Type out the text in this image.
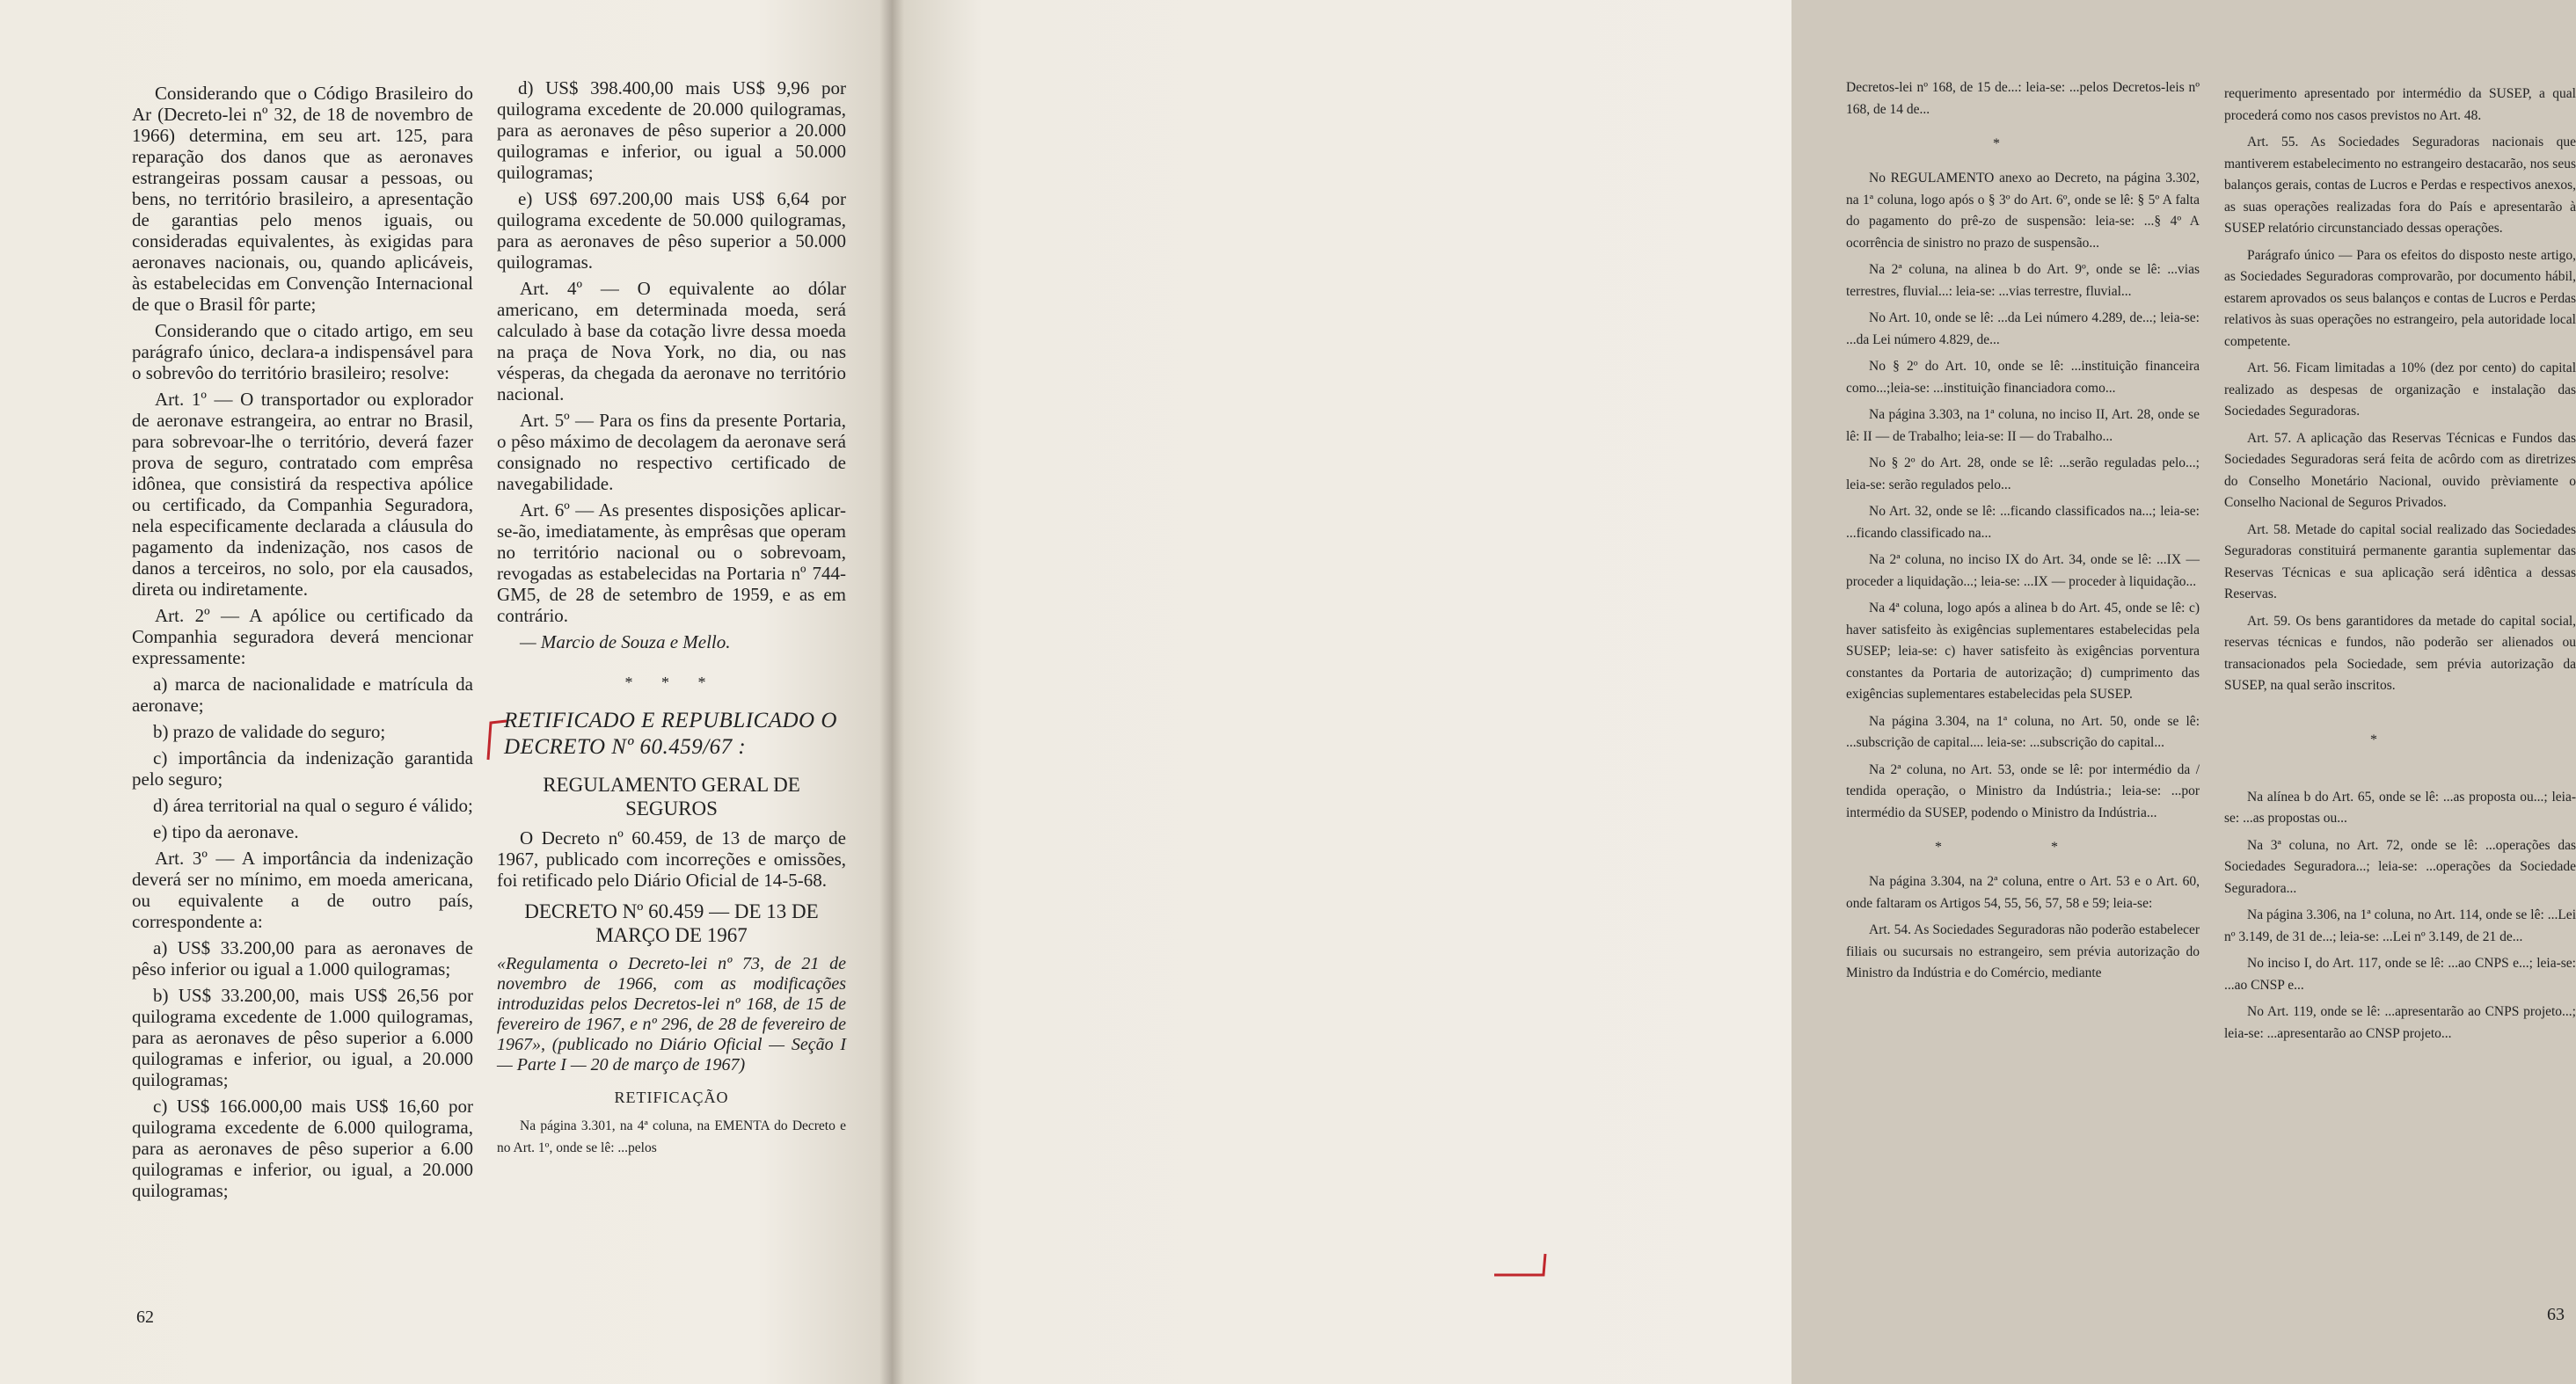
Considerando que o Código Brasileiro do Ar (Decreto-lei nº 32, de 18 de novembro de 1966) determina, em seu art. 125, para reparação dos danos que as aeronaves estrangeiras possam causar a pessoas, ou bens, no território brasileiro, a apresentação de garantias pelo menos iguais, ou consideradas equivalentes, às exigidas para aeronaves nacionais, ou, quando aplicáveis, às estabelecidas em Convenção Internacional de que o Brasil fôr parte;

Considerando que o citado artigo, em seu parágrafo único, declara-a indispensável para o sobrevôo do território brasileiro; resolve:

Art. 1º — O transportador ou explorador de aeronave estrangeira, ao entrar no Brasil, para sobrevoar-lhe o território, deverá fazer prova de seguro, contratado com emprêsa idônea, que consistirá da respectiva apólice ou certificado, da Companhia Seguradora, nela especificamente declarada a cláusula do pagamento da indenização, nos casos de danos a terceiros, no solo, por ela causados, direta ou indiretamente.

Art. 2º — A apólice ou certificado da Companhia seguradora deverá mencionar expressamente:

a) marca de nacionalidade e matrícula da aeronave;

b) prazo de validade do seguro;

c) importância da indenização garantida pelo seguro;

d) área territorial na qual o seguro é válido;

e) tipo da aeronave.

Art. 3º — A importância da indenização deverá ser no mínimo, em moeda americana, ou equivalente a de outro país, correspondente a:

a) US$ 33.200,00 para as aeronaves de pêso inferior ou igual a 1.000 quilogramas;

b) US$ 33.200,00, mais US$ 26,56 por quilograma excedente de 1.000 quilogramas, para as aeronaves de pêso superior a 6.000 quilogramas e inferior, ou igual, a 20.000 quilogramas;

c) US$ 166.000,00 mais US$ 16,60 por quilograma excedente de 6.000 quilograma, para as aeronaves de pêso superior a 6.00 quilogramas e inferior, ou igual, a 20.000 quilogramas;

d) US$ 398.400,00 mais US$ 9,96 por quilograma excedente de 20.000 quilogramas, para as aeronaves de pêso superior a 20.000 quilogramas e inferior, ou igual a 50.000 quilogramas;

e) US$ 697.200,00 mais US$ 6,64 por quilograma excedente de 50.000 quilogramas, para as aeronaves de pêso superior a 50.000 quilogramas.

Art. 4º — O equivalente ao dólar americano, em determinada moeda, será calculado à base da cotação livre dessa moeda na praça de Nova York, no dia, ou nas vésperas, da chegada da aeronave no território nacional.

Art. 5º — Para os fins da presente Portaria, o pêso máximo de decolagem da aeronave será consignado no respectivo certificado de navegabilidade.

Art. 6º — As presentes disposições aplicar-se-ão, imediatamente, às emprêsas que operam no território nacional ou o sobrevoam, revogadas as estabelecidas na Portaria nº 744-GM5, de 28 de setembro de 1959, e as em contrário.

— Marcio de Souza e Mello.

* * *
RETIFICADO E REPUBLICADO O DECRETO Nº 60.459/67 :
REGULAMENTO GERAL DE SEGUROS

O Decreto nº 60.459, de 13 de março de 1967, publicado com incorreções e omissões, foi retificado pelo Diário Oficial de 14-5-68.

DECRETO Nº 60.459 — DE 13 DE MARÇO DE 1967

«Regulamenta o Decreto-lei nº 73, de 21 de novembro de 1966, com as modificações introduzidas pelos Decretos-lei nº 168, de 15 de fevereiro de 1967, e nº 296, de 28 de fevereiro de 1967», (publicado no Diário Oficial — Seção I — Parte I — 20 de março de 1967)

RETIFICAÇÃO

Na página 3.301, na 4ª coluna, na EMENTA do Decreto e no Art. 1º, onde se lê: ...pelos

62

Decretos-lei nº 168, de 15 de...: leia-se: ...pelos Decretos-leis nº 168, de 14 de...

*

No REGULAMENTO anexo ao Decreto, na página 3.302, na 1ª coluna, logo após o § 3º do Art. 6º, onde se lê: § 5º A falta do pagamento do prê-zo de suspensão: leia-se: ...§ 4º A ocorrência de sinistro no prazo de suspensão...

Na 2ª coluna, na alinea b do Art. 9º, onde se lê: ...vias terrestres, fluvial...: leia-se: ...vias terrestre, fluvial...

No Art. 10, onde se lê: ...da Lei número 4.289, de...; leia-se: ...da Lei número 4.829, de...

No § 2º do Art. 10, onde se lê: ...instituição financeira como...;leia-se: ...instituição financiadora como...

Na página 3.303, na 1ª coluna, no inciso II, Art. 28, onde se lê: II — de Trabalho; leia-se: II — do Trabalho...

No § 2º do Art. 28, onde se lê: ...serão reguladas pelo...; leia-se: serão regulados pelo...

No Art. 32, onde se lê: ...ficando classificados na...; leia-se: ...ficando classificado na...

Na 2ª coluna, no inciso IX do Art. 34, onde se lê: ...IX — proceder a liquidação...; leia-se: ...IX — proceder à liquidação...

Na 4ª coluna, logo após a alinea b do Art. 45, onde se lê: c) haver satisfeito às exigências suplementares estabelecidas pela SUSEP; leia-se: c) haver satisfeito às exigências porventura constantes da Portaria de autorização; d) cumprimento das exigências suplementares estabelecidas pela SUSEP.

Na página 3.304, na 1ª coluna, no Art. 50, onde se lê: ...subscrição de capital.... leia-se: ...subscrição do capital...

Na 2ª coluna, no Art. 53, onde se lê: por intermédio da / tendida operação, o Ministro da Indústria.; leia-se: ...por intermédio da SUSEP, podendo o Ministro da Indústria...

* *

Na página 3.304, na 2ª coluna, entre o Art. 53 e o Art. 60, onde faltaram os Artigos 54, 55, 56, 57, 58 e 59; leia-se:

Art. 54. As Sociedades Seguradoras não poderão estabelecer filiais ou sucursais no estrangeiro, sem prévia autorização do Ministro da Indústria e do Comércio, mediante

requerimento apresentado por intermédio da SUSEP, a qual procederá como nos casos previstos no Art. 48.

Art. 55. As Sociedades Seguradoras nacionais que mantiverem estabelecimento no estrangeiro destacarão, nos seus balanços gerais, contas de Lucros e Perdas e respectivos anexos, as suas operações realizadas fora do País e apresentarão à SUSEP relatório circunstanciado dessas operações.

Parágrafo único — Para os efeitos do disposto neste artigo, as Sociedades Seguradoras comprovarão, por documento hábil, estarem aprovados os seus balanços e contas de Lucros e Perdas relativos às suas operações no estrangeiro, pela autoridade local competente.

Art. 56. Ficam limitadas a 10% (dez por cento) do capital realizado as despesas de organização e instalação das Sociedades Seguradoras.

Art. 57. A aplicação das Reservas Técnicas e Fundos das Sociedades Seguradoras será feita de acôrdo com as diretrizes do Conselho Monetário Nacional, ouvido prèviamente o Conselho Nacional de Seguros Privados.

Art. 58. Metade do capital social realizado das Sociedades Seguradoras constituirá permanente garantia suplementar das Reservas Técnicas e sua aplicação será idêntica a dessas Reservas.

Art. 59. Os bens garantidores da metade do capital social, reservas técnicas e fundos, não poderão ser alienados ou transacionados pela Sociedade, sem prévia autorização da SUSEP, na qual serão inscritos.

*

Na alínea b do Art. 65, onde se lê: ...as proposta ou...; leia-se: ...as propostas ou...

Na 3ª coluna, no Art. 72, onde se lê: ...operações das Sociedades Seguradora...; leia-se: ...operações da Sociedade Seguradora...

Na página 3.306, na 1ª coluna, no Art. 114, onde se lê: ...Lei nº 3.149, de 31 de...; leia-se: ...Lei nº 3.149, de 21 de...

No inciso I, do Art. 117, onde se lê: ...ao CNPS e...; leia-se: ...ao CNSP e...

No Art. 119, onde se lê: ...apresentarão ao CNPS projeto...; leia-se: ...apresentarão ao CNSP projeto...

63
